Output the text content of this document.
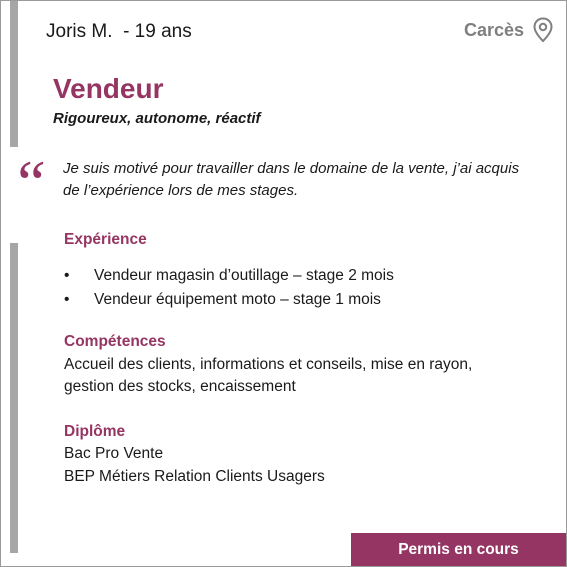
Joris M. - 19 ans	Carcès
Vendeur
Rigoureux, autonome, réactif
“ Je suis motivé pour travailler dans le domaine de la vente, j’ai acquis de l’expérience lors de mes stages.
Expérience
•	Vendeur magasin d’outillage – stage 2 mois
•	Vendeur équipement moto – stage 1 mois
Compétences
Accueil des clients, informations et conseils, mise en rayon, gestion des stocks, encaissement
Diplôme
Bac Pro Vente
BEP Métiers Relation Clients Usagers
Permis en cours
